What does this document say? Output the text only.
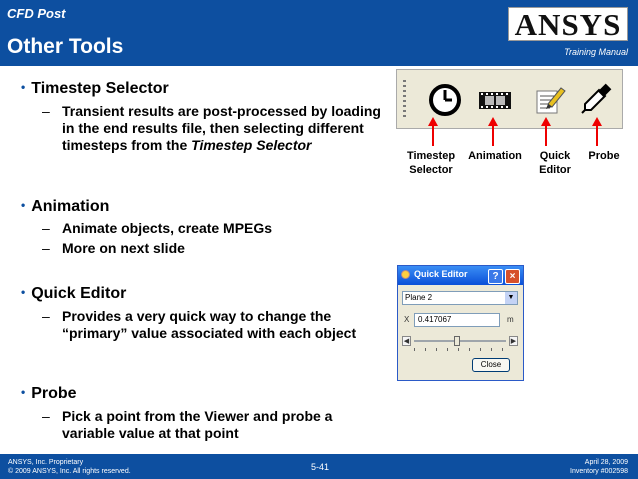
CFD Post
Other Tools
ANSYS
Training Manual
• Timestep Selector
– Transient results are post-processed by loading in the end results file, then selecting different timesteps from the Timestep Selector
• Animation
– Animate objects, create MPEGs
– More on next slide
• Quick Editor
– Provides a very quick way to change the “primary” value associated with each object
• Probe
– Pick a point from the Viewer and probe a variable value at that point
Timestep
Selector
Animation	Quick
Editor
Probe
Quick Editor	?	×
Plane 2	▼
X	0.417067	m
◀	▶
Close
ANSYS, Inc. Proprietary
© 2009 ANSYS, Inc. All rights reserved.	5-41	April 28, 2009
Inventory #002598
